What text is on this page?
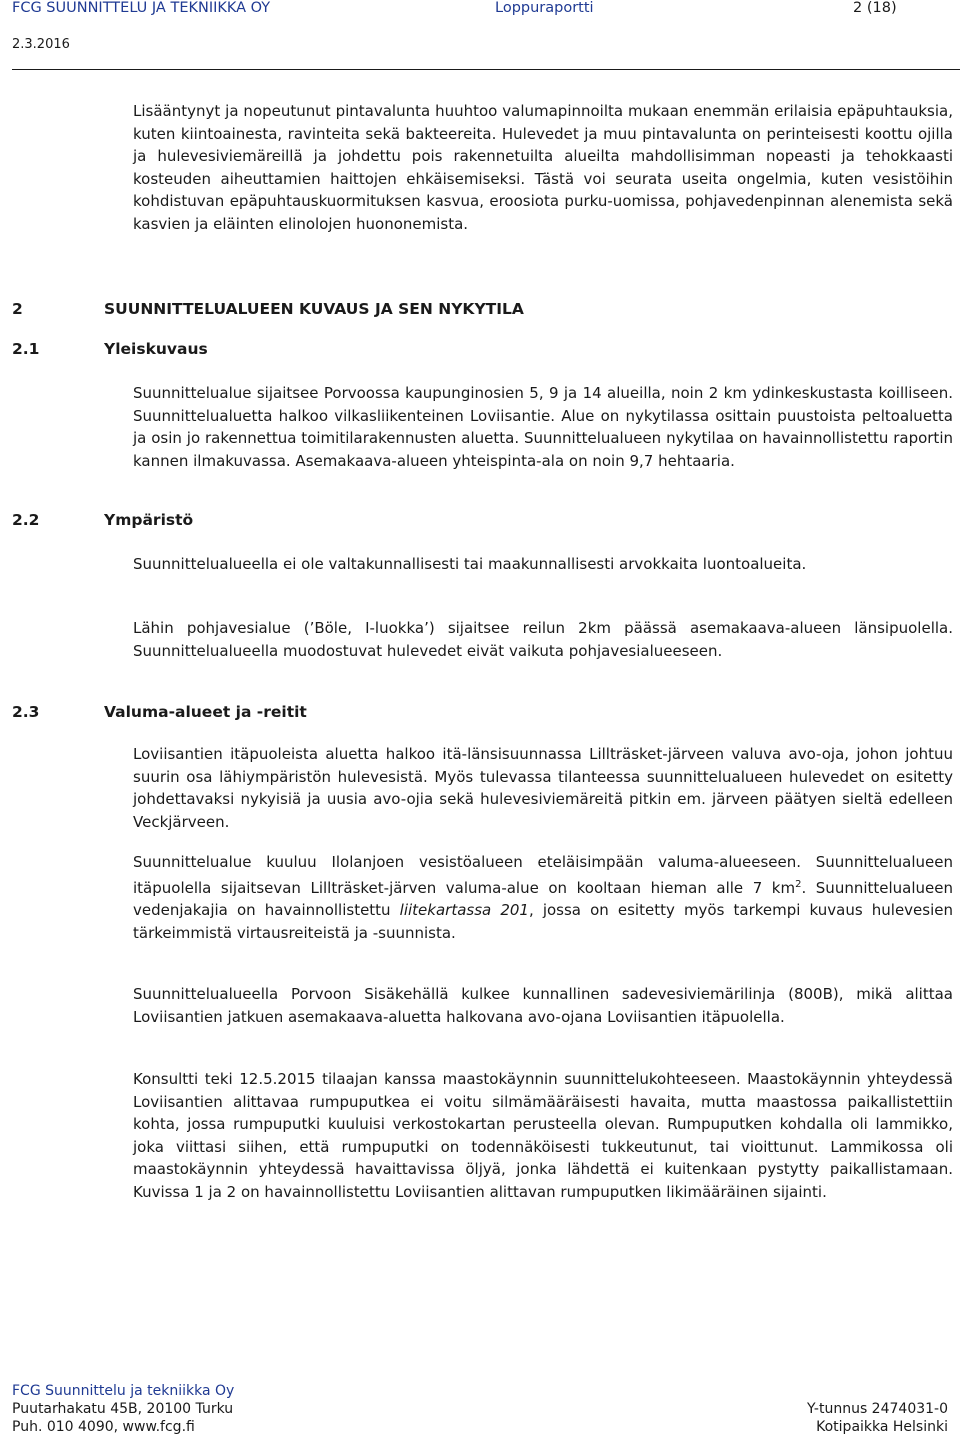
FCG SUUNNITTELU JA TEKNIIKKA OY	Loppuraportti	2 (18)
2.3.2016
Lisääntynyt ja nopeutunut pintavalunta huuhtoo valumapinnoilta mukaan enemmän erilaisia epäpuhtauksia, kuten kiintoainesta, ravinteita sekä bakteereita. Hulevedet ja muu pintavalunta on perinteisesti koottu ojilla ja hulevesiviemäreillä ja johdettu pois rakennetuilta alueilta mahdollisimman nopeasti ja tehokkaasti kosteuden aiheuttamien haittojen ehkäisemiseksi. Tästä voi seurata useita ongelmia, kuten vesistöihin kohdistuvan epäpuhtauskuormituksen kasvua, eroosiota purku-uomissa, pohjavedenpinnan alenemista sekä kasvien ja eläinten elinolojen huononemista.
2	SUUNNITTELUALUEEN KUVAUS JA SEN NYKYTILA
2.1	Yleiskuvaus
Suunnittelualue sijaitsee Porvoossa kaupunginosien 5, 9 ja 14 alueilla, noin 2 km ydinkeskustasta koilliseen. Suunnittelualuetta halkoo vilkasliikenteinen Loviisantie. Alue on nykytilassa osittain puustoista peltoaluetta ja osin jo rakennettua toimitilarakennusten aluetta. Suunnittelualueen nykytilaa on havainnollistettu raportin kannen ilmakuvassa. Asemakaava-alueen yhteispinta-ala on noin 9,7 hehtaaria.
2.2	Ympäristö
Suunnittelualueella ei ole valtakunnallisesti tai maakunnallisesti arvokkaita luontoalueita.
Lähin pohjavesialue (’Böle, I-luokka’) sijaitsee reilun 2km päässä asemakaava-alueen länsipuolella. Suunnittelualueella muodostuvat hulevedet eivät vaikuta pohjavesialueeseen.
2.3	Valuma-alueet ja -reitit
Loviisantien itäpuoleista aluetta halkoo itä-länsisuunnassa Lillträsket-järveen valuva avo-oja, johon johtuu suurin osa lähiympäristön hulevesistä. Myös tulevassa tilanteessa suunnittelualueen hulevedet on esitetty johdettavaksi nykyisiä ja uusia avo-ojia sekä hulevesiviemäreitä pitkin em. järveen päätyen sieltä edelleen Veckjärveen.
Suunnittelualue kuuluu Ilolanjoen vesistöalueen eteläisimpään valuma-alueeseen. Suunnittelualueen itäpuolella sijaitsevan Lillträsket-järven valuma-alue on kooltaan hieman alle 7 $km^2$. Suunnittelualueen vedenjakajia on havainnollistettu liitekartassa 201, jossa on esitetty myös tarkempi kuvaus hulevesien tärkeimmistä virtausreiteistä ja -suunnista.
Suunnittelualueella Porvoon Sisäkehällä kulkee kunnallinen sadevesiviemärilinja (800B), mikä alittaa Loviisantien jatkuen asemakaava-aluetta halkovana avo-ojana Loviisantien itäpuolella.
Konsultti teki 12.5.2015 tilaajan kanssa maastokäynnin suunnittelukohteeseen. Maastokäynnin yhteydessä Loviisantien alittavaa rumpuputkea ei voitu silmämääräisesti havaita, mutta maastossa paikallistettiin kohta, jossa rumpuputki kuuluisi verkostokartan perusteella olevan. Rumpuputken kohdalla oli lammikko, joka viittasi siihen, että rumpuputki on todennäköisesti tukkeutunut, tai vioittunut. Lammikossa oli maastokäynnin yhteydessä havaittavissa öljyä, jonka lähdettä ei kuitenkaan pystytty paikallistamaan. Kuvissa 1 ja 2 on havainnollistettu Loviisantien alittavan rumpuputken likimääräinen sijainti.
FCG Suunnittelu ja tekniikka Oy
Puutarhakatu 45B, 20100 Turku
Puh. 010 4090, www.fcg.fi
Y-tunnus 2474031-0
Kotipaikka Helsinki
